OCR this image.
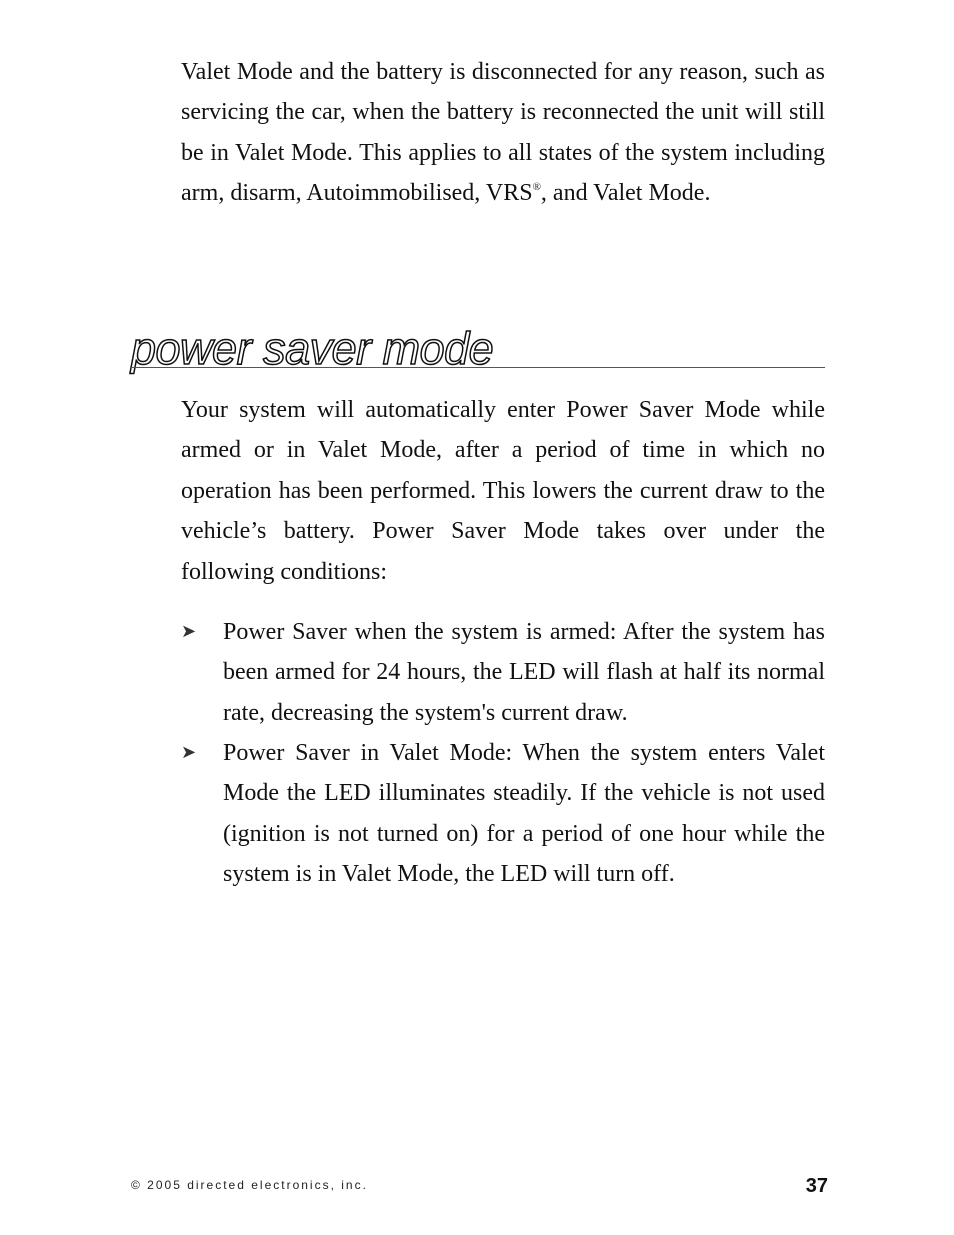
Valet Mode and the battery is disconnected for any reason, such as servicing the car, when the battery is reconnected the unit will still be in Valet Mode. This applies to all states of the system including arm, disarm, Autoimmobilised, VRS®, and Valet Mode.

power saver mode

Your system will automatically enter Power Saver Mode while armed or in Valet Mode, after a period of time in which no operation has been performed. This lowers the current draw to the vehicle’s battery. Power Saver Mode takes over under the following conditions:

➤ Power Saver when the system is armed: After the system has been armed for 24 hours, the LED will flash at half its normal rate, decreasing the system's current draw.

➤ Power Saver in Valet Mode: When the system enters Valet Mode the LED illuminates steadily. If the vehicle is not used (ignition is not turned on) for a period of one hour while the system is in Valet Mode, the LED will turn off.

© 2005 directed electronics, inc.	37
